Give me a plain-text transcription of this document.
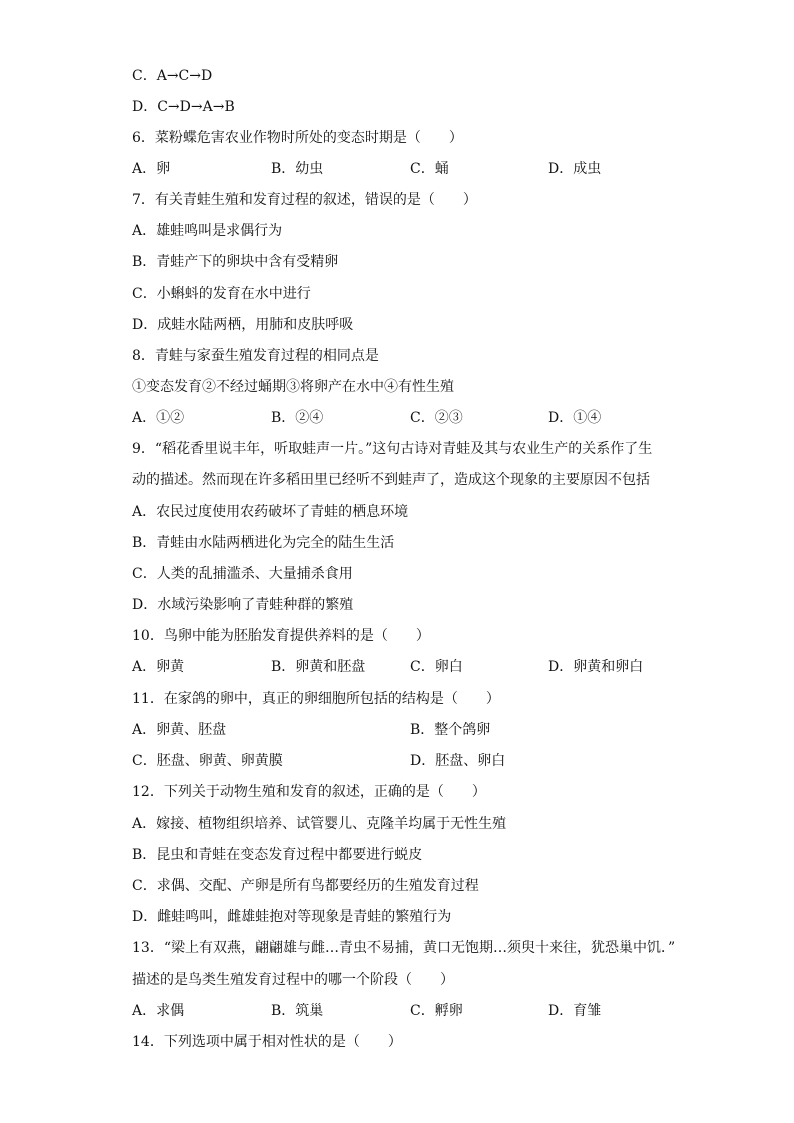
C．A→C→D
D．C→D→A→B
6．菜粉蝶危害农业作物时所处的变态时期是（　　）
A．卵	B．幼虫	C．蛹	D．成虫
7．有关青蛙生殖和发育过程的叙述，错误的是（　　）
A．雄蛙鸣叫是求偶行为
B．青蛙产下的卵块中含有受精卵
C．小蝌蚪的发育在水中进行
D．成蛙水陆两栖，用肺和皮肤呼吸
8．青蛙与家蚕生殖发育过程的相同点是
①变态发育②不经过蛹期③将卵产在水中④有性生殖
A．①②	B．②④	C．②③	D．①④
9．“稻花香里说丰年，听取蛙声一片。”这句古诗对青蛙及其与农业生产的关系作了生
动的描述。然而现在许多稻田里已经听不到蛙声了，造成这个现象的主要原因不包括
A．农民过度使用农药破坏了青蛙的栖息环境
B．青蛙由水陆两栖进化为完全的陆生生活
C．人类的乱捕滥杀、大量捕杀食用
D．水域污染影响了青蛙种群的繁殖
10．鸟卵中能为胚胎发育提供养料的是（　　）
A．卵黄	B．卵黄和胚盘	C．卵白	D．卵黄和卵白
11．在家鸽的卵中，真正的卵细胞所包括的结构是（　　）
A．卵黄、胚盘	B．整个鸽卵
C．胚盘、卵黄、卵黄膜	D．胚盘、卵白
12．下列关于动物生殖和发育的叙述，正确的是（　　）
A．嫁接、植物组织培养、试管婴儿、克隆羊均属于无性生殖
B．昆虫和青蛙在变态发育过程中都要进行蜕皮
C．求偶、交配、产卵是所有鸟都要经历的生殖发育过程
D．雌蛙鸣叫，雌雄蛙抱对等现象是青蛙的繁殖行为
13．“梁上有双燕，翩翩雄与雌…青虫不易捕，黄口无饱期…须臾十来往，犹恐巢中饥．”
描述的是鸟类生殖发育过程中的哪一个阶段（　　）
A．求偶	B．筑巢	C．孵卵	D．育雏
14．下列选项中属于相对性状的是（　　）
